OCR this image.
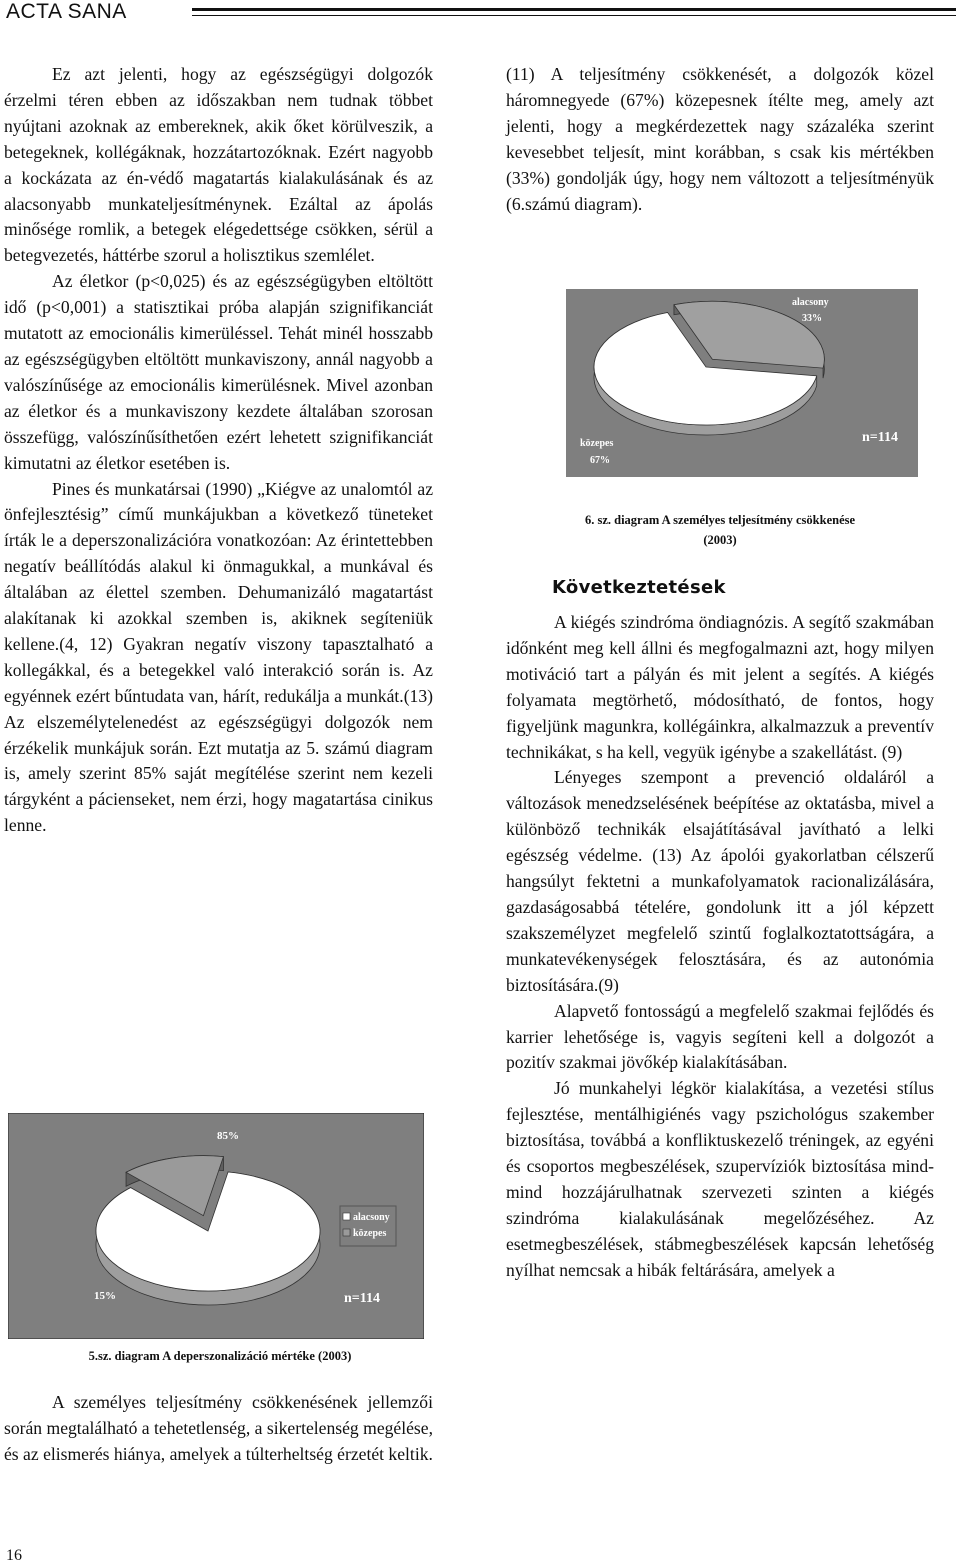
ACTA SANA

Ez azt jelenti, hogy az egészségügyi dolgozók érzelmi téren ebben az időszakban nem tudnak többet nyújtani azoknak az embereknek, akik őket körülveszik, a betegeknek, kollégáknak, hozzátartozóknak. Ezért nagyobb a kockázata az én-védő magatartás kialakulásának és az alacsonyabb munkateljesítménynek. Ezáltal az ápolás minősége romlik, a betegek elégedettsége csökken, sérül a betegvezetés, háttérbe szorul a holisztikus szemlélet.

Az életkor (p<0,025) és az egészségügyben eltöltött idő (p<0,001) a statisztikai próba alapján szignifikanciát mutatott az emocionális kimerüléssel. Tehát minél hosszabb az egészségügyben eltöltött munkaviszony, annál nagyobb a valószínűsége az emocionális kimerülésnek. Mivel azonban az életkor és a munkaviszony kezdete általában szorosan összefügg, valószínűsíthetően ezért lehetett szignifikanciát kimutatni az életkor esetében is.

Pines és munkatársai (1990) „Kiégve az unalomtól az önfejlesztésig” című munkájukban a következő tüneteket írták le a deperszonalizációra vonatkozóan: Az érintettebben negatív beállítódás alakul ki önmagukkal, a munkával és általában az élettel szemben. Dehumanizáló magatartást alakítanak ki azokkal szemben is, akiknek segíteniük kellene.(4, 12) Gyakran negatív viszony tapasztalható a kollegákkal, és a betegekkel való interakció során is. Az egyénnek ezért bűntudata van, hárít, redukálja a munkát.(13) Az elszemélytelenedést az egészségügyi dolgozók nem érzékelik munkájuk során. Ezt mutatja az 5. számú diagram is, amely szerint 85% saját megítélése szerint nem kezeli tárgyként a pácienseket, nem érzi, hogy magatartása cinikus lenne.

85%
15%	n=114
alacsony
közepes
5.sz. diagram A deperszonalizáció mértéke (2003)

A személyes teljesítmény csökkenésének jellemzői során megtalálható a tehetetlenség, a sikertelenség megélése, és az elismerés hiánya, amelyek a túlterheltség érzetét keltik.

(11) A teljesítmény csökkenését, a dolgozók közel háromnegyede (67%) közepesnek ítélte meg, amely azt jelenti, hogy a megkérdezettek nagy százaléka szerint kevesebbet teljesít, mint korábban, s csak kis mértékben (33%) gondolják úgy, hogy nem változott a teljesítményük (6.számú diagram).

alacsony
33%
közepes
67%
n=114
6. sz. diagram A személyes teljesítmény csökkenése
(2003)
Következtetések

A kiégés szindróma öndiagnózis. A segítő szakmában időnként meg kell állni és megfogalmazni azt, hogy milyen motiváció tart a pályán és mit jelent a segítés. A kiégés folyamata megtörhető, módosítható, de fontos, hogy figyeljünk magunkra, kollégáinkra, alkalmazzuk a preventív technikákat, s ha kell, vegyük igénybe a szakellátást. (9)

Lényeges szempont a prevenció oldaláról a változások menedzselésének beépítése az oktatásba, mivel a különböző technikák elsajátításával javítható a lelki egészség védelme. (13) Az ápolói gyakorlatban célszerű hangsúlyt fektetni a munkafolyamatok racionalizálására, gazdaságosabbá tételére, gondolunk itt a jól képzett szakszemélyzet megfelelő szintű foglalkoztatottságára, a munkatevékenységek felosztására, és az autonómia biztosítására.(9)

Alapvető fontosságú a megfelelő szakmai fejlődés és karrier lehetősége is, vagyis segíteni kell a dolgozót a pozitív szakmai jövőkép kialakításában.

Jó munkahelyi légkör kialakítása, a vezetési stílus fejlesztése, mentálhigiénés vagy pszichológus szakember biztosítása, továbbá a konfliktuskezelő tréningek, az egyéni és csoportos megbeszélések, szupervíziók biztosítása mind-mind hozzájárulhatnak szervezeti szinten a kiégés szindróma kialakulásának megelőzéséhez. Az esetmegbeszélések, stábmegbeszélések kapcsán lehetőség nyílhat nemcsak a hibák feltárására, amelyek a

16
